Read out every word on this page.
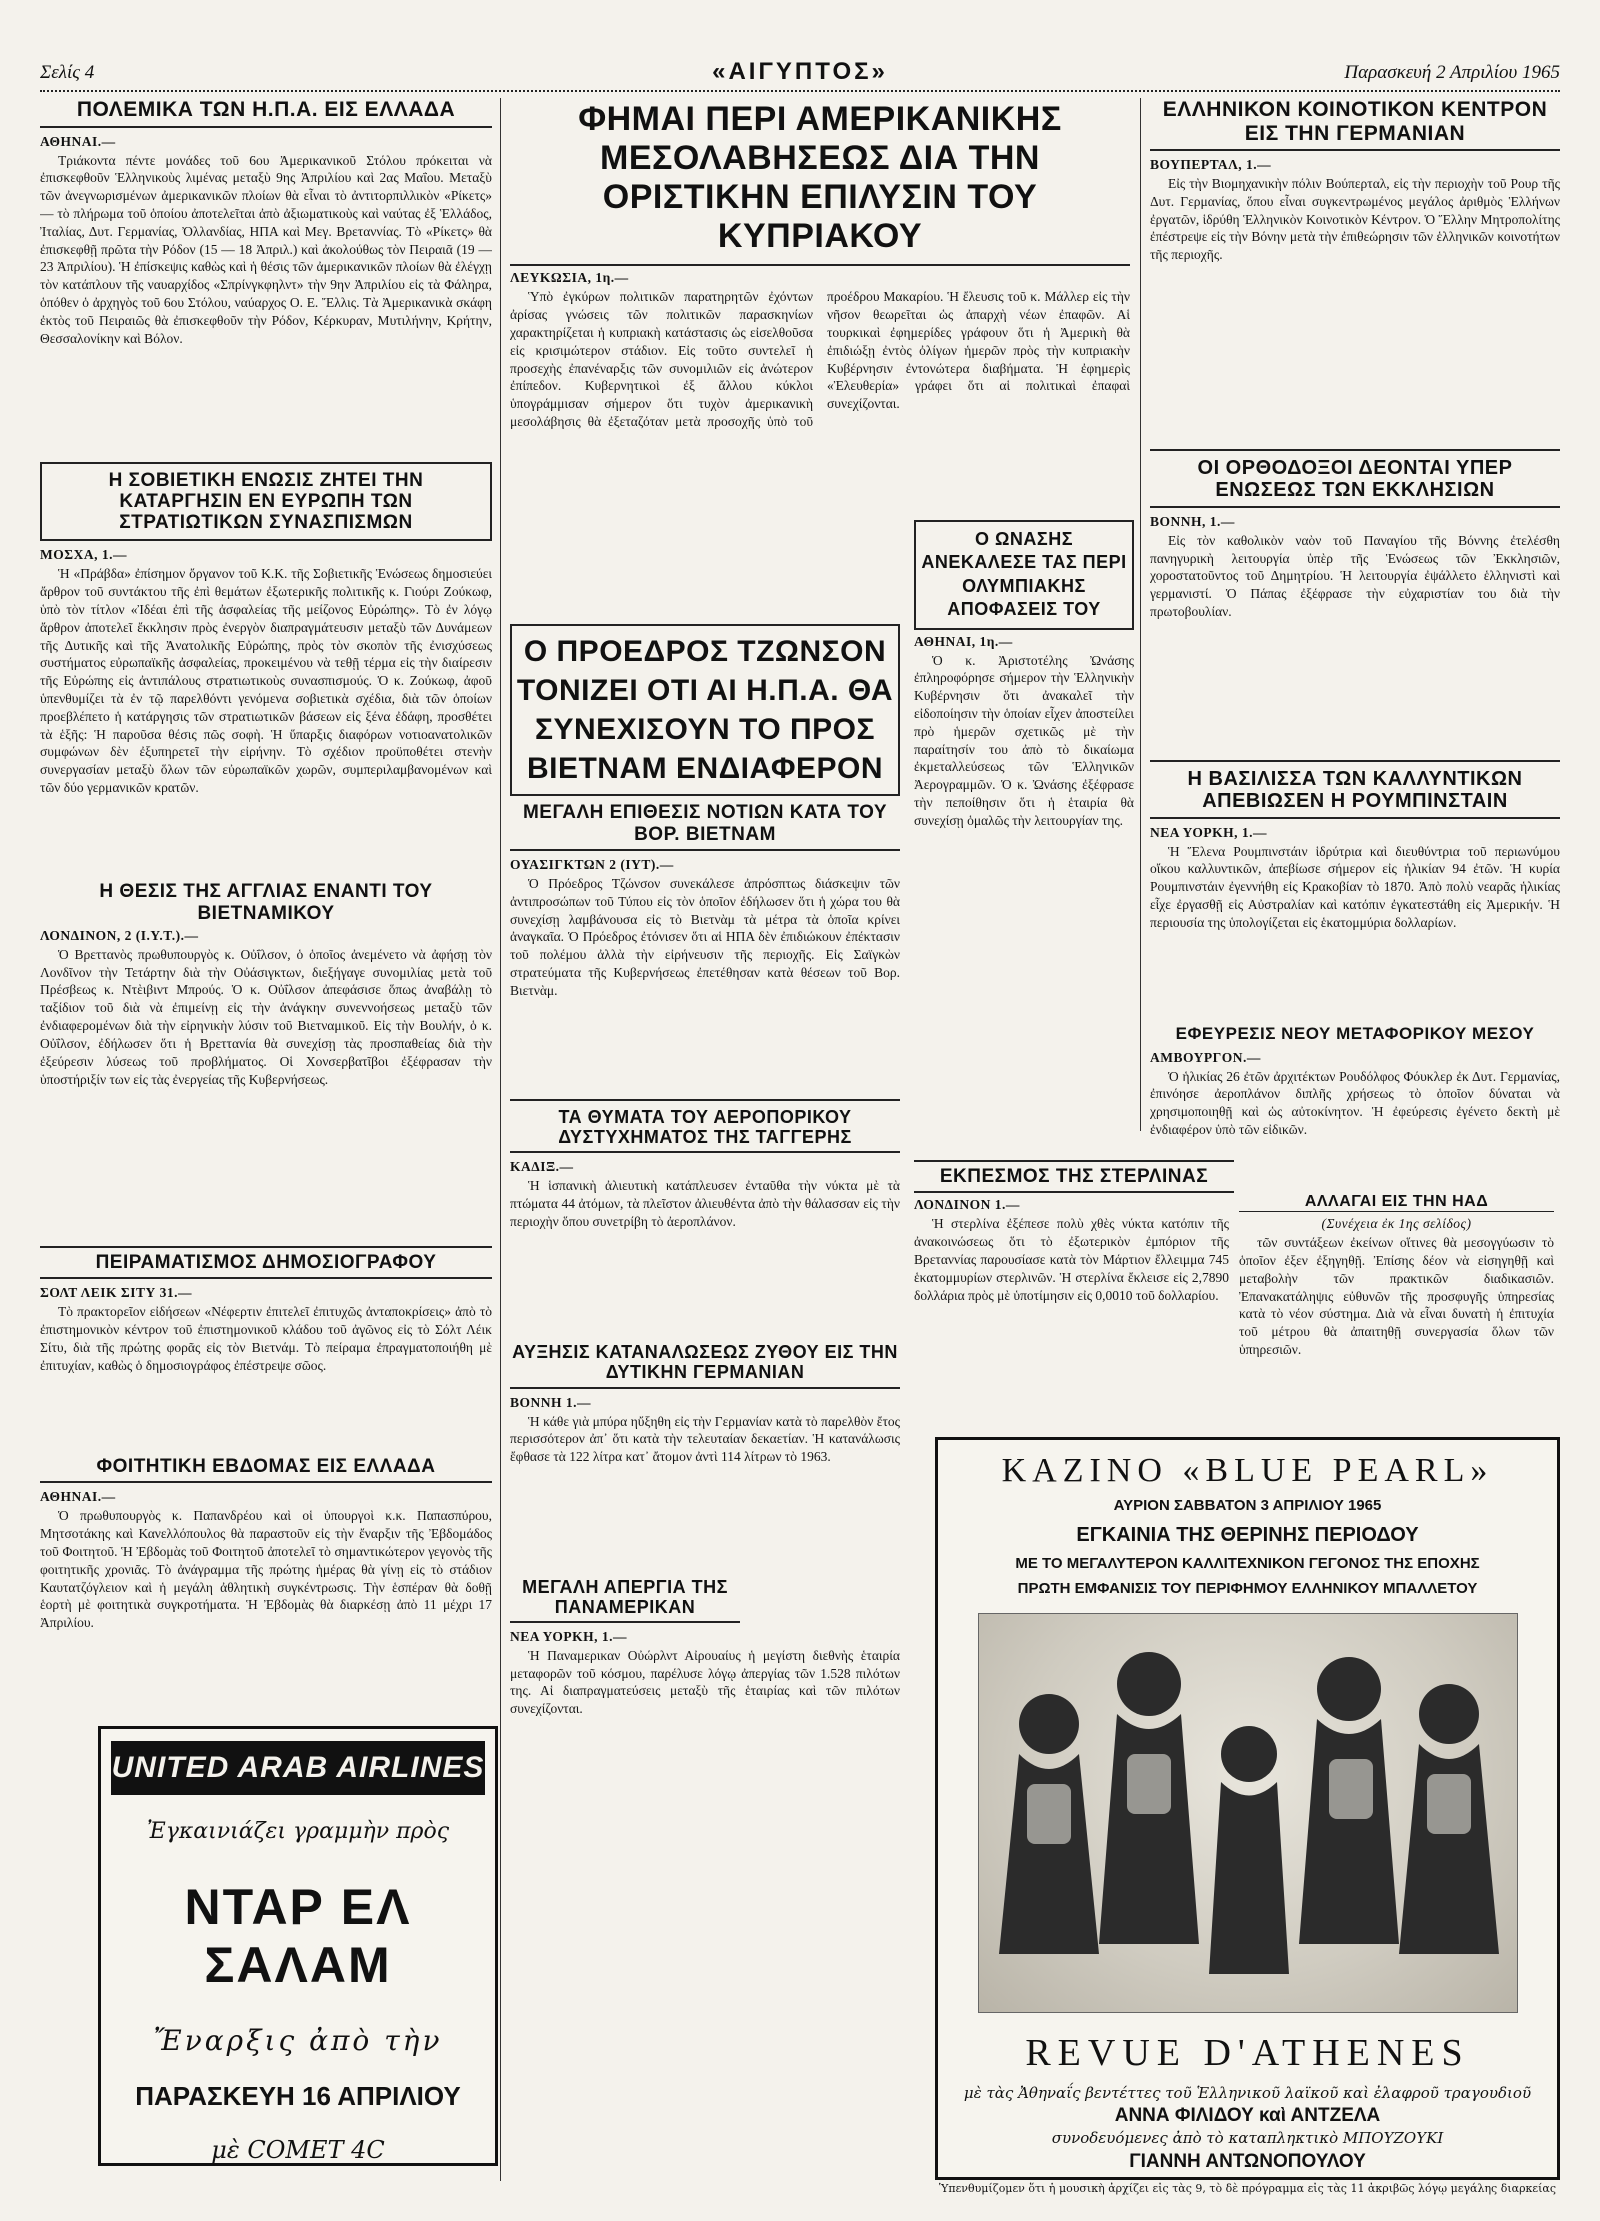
Σελίς 4	«ΑΙΓΥΠΤΟΣ»	Παρασκευή 2 Απριλίου 1965
ΠΟΛΕΜΙΚΑ ΤΩΝ Η.Π.Α. ΕΙΣ ΕΛΛΑΔΑ
ΑΘΗΝΑΙ.—
Τριάκοντα πέντε μονάδες τοῦ 6ου Ἀμερικανικοῦ Στόλου πρόκειται νὰ ἐπισκεφθοῦν Ἑλληνικοὺς λιμένας μεταξὺ 9ης Ἀπριλίου καὶ 2ας Μαΐου. Μεταξὺ τῶν ἀνεγνωρισμένων ἀμερικανικῶν πλοίων θὰ εἶναι τὸ ἀντιτορπιλλικὸν «Ρίκετς» — τὸ πλήρωμα τοῦ ὁποίου ἀποτελεῖται ἀπὸ ἀξιωματικοὺς καὶ ναύτας ἐξ Ἑλλάδος, Ἰταλίας, Δυτ. Γερμανίας, Ὀλλανδίας, ΗΠΑ καὶ Μεγ. Βρεταννίας. Τὸ «Ρίκετς» θὰ ἐπισκεφθῇ πρῶτα τὴν Ρόδον (15 — 18 Ἀπριλ.) καὶ ἀκολούθως τὸν Πειραιᾶ (19 — 23 Ἀπριλίου). Ἡ ἐπίσκεψις καθὼς καὶ ἡ θέσις τῶν ἀμερικανικῶν πλοίων θὰ ἐλέγχῃ τὸν κατάπλουν τῆς ναυαρχίδος «Σπρίνγκφηλντ» τὴν 9ην Ἀπριλίου εἰς τὰ Φάληρα, ὁπόθεν ὁ ἀρχηγὸς τοῦ 6ου Στόλου, ναύαρχος Ο. Ε. Ἔλλις. Τὰ Ἀμερικανικὰ σκάφη ἐκτὸς τοῦ Πειραιῶς θὰ ἐπισκεφθοῦν τὴν Ρόδον, Κέρκυραν, Μυτιλήνην, Κρήτην, Θεσσαλονίκην καὶ Βόλον.
Η ΣΟΒΙΕΤΙΚΗ ΕΝΩΣΙΣ ΖΗΤΕΙ ΤΗΝ ΚΑΤΑΡΓΗΣΙΝ ΕΝ ΕΥΡΩΠΗ ΤΩΝ ΣΤΡΑΤΙΩΤΙΚΩΝ ΣΥΝΑΣΠΙΣΜΩΝ
ΜΟΣΧΑ, 1.—
Ἡ «Πράβδα» ἐπίσημον ὄργανον τοῦ Κ.Κ. τῆς Σοβιετικῆς Ἑνώσεως δημοσιεύει ἄρθρον τοῦ συντάκτου τῆς ἐπὶ θεμάτων ἐξωτερικῆς πολιτικῆς κ. Γιούρι Ζούκωφ, ὑπὸ τὸν τίτλον «Ἰδέαι ἐπὶ τῆς ἀσφαλείας τῆς μείζονος Εὐρώπης». Τὸ ἐν λόγῳ ἄρθρον ἀποτελεῖ ἔκκλησιν πρὸς ἐνεργὸν διαπραγμάτευσιν μεταξὺ τῶν Δυνάμεων τῆς Δυτικῆς καὶ τῆς Ἀνατολικῆς Εὐρώπης, πρὸς τὸν σκοπὸν τῆς ἐνισχύσεως συστήματος εὐρωπαϊκῆς ἀσφαλείας, προκειμένου νὰ τεθῇ τέρμα εἰς τὴν διαίρεσιν τῆς Εὐρώπης εἰς ἀντιπάλους στρατιωτικοὺς συνασπισμούς. Ὁ κ. Ζούκωφ, ἀφοῦ ὑπενθυμίζει τὰ ἐν τῷ παρελθόντι γενόμενα σοβιετικὰ σχέδια, διὰ τῶν ὁποίων προεβλέπετο ἡ κατάργησις τῶν στρατιωτικῶν βάσεων εἰς ξένα ἐδάφη, προσθέτει τὰ ἑξῆς: Ἡ παροῦσα θέσις πῶς σοφὴ. Ἡ ὕπαρξις διαφόρων νοτιοανατολικῶν συμφώνων δὲν ἐξυπηρετεῖ τὴν εἰρήνην. Τὸ σχέδιον προϋποθέτει στενὴν συνεργασίαν μεταξὺ ὅλων τῶν εὐρωπαϊκῶν χωρῶν, συμπεριλαμβανομένων καὶ τῶν δύο γερμανικῶν κρατῶν.
Η ΘΕΣΙΣ ΤΗΣ ΑΓΓΛΙΑΣ ΕΝΑΝΤΙ ΤΟΥ ΒΙΕΤΝΑΜΙΚΟΥ
ΛΟΝΔΙΝΟΝ, 2 (Ι.Υ.Τ.).—
Ὁ Βρεττανὸς πρωθυπουργὸς κ. Οὐΐλσον, ὁ ὁποῖος ἀνεμένετο νὰ ἀφήσῃ τὸν Λονδῖνον τὴν Τετάρτην διὰ τὴν Οὐάσιγκτων, διεξήγαγε συνομιλίας μετὰ τοῦ Πρέσβεως κ. Ντὲιβιντ Μπρούς. Ὁ κ. Οὐΐλσον ἀπεφάσισε ὅπως ἀναβάλῃ τὸ ταξίδιον τοῦ διὰ νὰ ἐπιμείνῃ εἰς τὴν ἀνάγκην συνεννοήσεως μεταξὺ τῶν ἐνδιαφερομένων διὰ τὴν εἰρηνικὴν λύσιν τοῦ Βιετναμικοῦ. Εἰς τὴν Βουλήν, ὁ κ. Οὐΐλσον, ἐδήλωσεν ὅτι ἡ Βρεττανία θὰ συνεχίσῃ τὰς προσπαθείας διὰ τὴν ἐξεύρεσιν λύσεως τοῦ προβλήματος. Οἱ Χονσερβατῖβοι ἐξέφρασαν τὴν ὑποστήριξίν των εἰς τὰς ἐνεργείας τῆς Κυβερνήσεως.
ΠΕΙΡΑΜΑΤΙΣΜΟΣ ΔΗΜΟΣΙΟΓΡΑΦΟΥ
ΣΟΛΤ ΛΕΙΚ ΣΙΤΥ 31.—
Τὸ πρακτορεῖον εἰδήσεων «Νέφερτιν ἐπιτελεῖ ἐπιτυχῶς ἀνταποκρίσεις» ἀπὸ τὸ ἐπιστημονικὸν κέντρον τοῦ ἐπιστημονικοῦ κλάδου τοῦ ἀγῶνος εἰς τὸ Σόλτ Λέικ Σίτυ, διὰ τῆς πρώτης φορᾶς εἰς τὸν Βιετνάμ. Τὸ πείραμα ἐπραγματοποιήθη μὲ ἐπιτυχίαν, καθὼς ὁ δημοσιογράφος ἐπέστρεψε σῶος.
ΦΟΙΤΗΤΙΚΗ ΕΒΔΟΜΑΣ ΕΙΣ ΕΛΛΑΔΑ
ΑΘΗΝΑΙ.—
Ὁ πρωθυπουργὸς κ. Παπανδρέου καὶ οἱ ὑπουργοὶ κ.κ. Παπασπύρου, Μητσοτάκης καὶ Κανελλόπουλος θὰ παραστοῦν εἰς τὴν ἔναρξιν τῆς Ἐβδομάδος τοῦ Φοιτητοῦ. Ἡ Ἐβδομὰς τοῦ Φοιτητοῦ ἀποτελεῖ τὸ σημαντικώτερον γεγονὸς τῆς φοιτητικῆς χρονιᾶς. Τὸ ἀνάγραμμα τῆς πρώτης ἡμέρας θὰ γίνῃ εἰς τὸ στάδιον Καυτατζόγλειον καὶ ἡ μεγάλη ἀθλητικὴ συγκέντρωσις. Τὴν ἑσπέραν θὰ δοθῇ ἑορτὴ μὲ φοιτητικὰ συγκροτήματα. Ἡ Ἐβδομὰς θὰ διαρκέσῃ ἀπὸ 11 μέχρι 17 Ἀπριλίου.
ΦΗΜΑΙ ΠΕΡΙ ΑΜΕΡΙΚΑΝΙΚΗΣ ΜΕΣΟΛΑΒΗΣΕΩΣ ΔΙΑ ΤΗΝ ΟΡΙΣΤΙΚΗΝ ΕΠΙΛΥΣΙΝ ΤΟΥ ΚΥΠΡΙΑΚΟΥ
ΛΕΥΚΩΣΙΑ, 1η.—
Ὑπὸ ἐγκύρων πολιτικῶν παρατηρητῶν ἐχόντων ἀρίσας γνώσεις τῶν πολιτικῶν παρασκηνίων χαρακτηρίζεται ἡ κυπριακὴ κατάστασις ὡς εἰσελθοῦσα εἰς κρισιμώτερον στάδιον. Εἰς τοῦτο συντελεῖ ἡ προσεχὴς ἐπανέναρξις τῶν συνομιλιῶν εἰς ἀνώτερον ἐπίπεδον. Κυβερνητικοὶ ἐξ ἄλλου κύκλοι ὑπογράμμισαν σήμερον ὅτι τυχὸν ἀμερικανικὴ μεσολάβησις θὰ ἐξεταζόταν μετὰ προσοχῆς ὑπὸ τοῦ προέδρου Μακαρίου. Ἡ ἔλευσις τοῦ κ. Μάλλερ εἰς τὴν νῆσον θεωρεῖται ὡς ἀπαρχὴ νέων ἐπαφῶν. Αἱ τουρκικαὶ ἐφημερίδες γράφουν ὅτι ἡ Ἀμερικὴ θὰ ἐπιδιώξῃ ἐντὸς ὀλίγων ἡμερῶν πρὸς τὴν κυπριακὴν Κυβέρνησιν ἐντονώτερα διαβήματα. Ἡ ἐφημερὶς «Ἐλευθερία» γράφει ὅτι αἱ πολιτικαὶ ἐπαφαὶ συνεχίζονται.
Ο ΠΡΟΕΔΡΟΣ ΤΖΩΝΣΟΝ ΤΟΝΙΖΕΙ ΟΤΙ ΑΙ Η.Π.Α. ΘΑ ΣΥΝΕΧΙΣΟΥΝ ΤΟ ΠΡΟΣ ΒΙΕΤΝΑΜ ΕΝΔΙΑΦΕΡΟΝ
ΜΕΓΑΛΗ ΕΠΙΘΕΣΙΣ ΝΟΤΙΩΝ ΚΑΤΑ ΤΟΥ ΒΟΡ. ΒΙΕΤΝΑΜ
ΟΥΑΣΙΓΚΤΩΝ 2 (ΙΥΤ).—
Ὁ Πρόεδρος Τζώνσον συνεκάλεσε ἀπρόσπτως διάσκεψιν τῶν ἀντιπροσώπων τοῦ Τύπου εἰς τὸν ὁποῖον ἐδήλωσεν ὅτι ἡ χώρα του θὰ συνεχίσῃ λαμβάνουσα εἰς τὸ Βιετνὰμ τὰ μέτρα τὰ ὁποῖα κρίνει ἀναγκαῖα. Ὁ Πρόεδρος ἐτόνισεν ὅτι αἱ ΗΠΑ δὲν ἐπιδιώκουν ἐπέκτασιν τοῦ πολέμου ἀλλὰ τὴν εἰρήνευσιν τῆς περιοχῆς. Εἰς Σαϊγκὼν στρατεύματα τῆς Κυβερνήσεως ἐπετέθησαν κατὰ θέσεων τοῦ Βορ. Βιετνὰμ.
ΤΑ ΘΥΜΑΤΑ ΤΟΥ ΑΕΡΟΠΟΡΙΚΟΥ ΔΥΣΤΥΧΗΜΑΤΟΣ ΤΗΣ ΤΑΓΓΕΡΗΣ
ΚΑΔΙΞ.—
Ἡ ἱσπανικὴ ἀλιευτικὴ κατάπλευσεν ἐνταῦθα τὴν νύκτα μὲ τὰ πτώματα 44 ἀτόμων, τὰ πλεῖστον ἀλιευθέντα ἀπὸ τὴν θάλασσαν εἰς τὴν περιοχὴν ὅπου συνετρίβη τὸ ἀεροπλάνον.
ΑΥΞΗΣΙΣ ΚΑΤΑΝΑΛΩΣΕΩΣ ΖΥΘΟΥ ΕΙΣ ΤΗΝ ΔΥΤΙΚΗΝ ΓΕΡΜΑΝΙΑΝ
ΒΟΝΝΗ 1.—
Ἡ κάθε γιὰ μπύρα ηὔξηθη εἰς τὴν Γερμανίαν κατὰ τὸ παρελθὸν ἔτος περισσότερον ἀπ᾽ ὅτι κατὰ τὴν τελευταίαν δεκαετίαν. Ἡ κατανάλωσις ἔφθασε τὰ 122 λίτρα κατ᾽ ἄτομον ἀντὶ 114 λίτρων τὸ 1963.
ΜΕΓΑΛΗ ΑΠΕΡΓΙΑ ΤΗΣ ΠΑΝΑΜΕΡΙΚΑΝ
ΝΕΑ ΥΟΡΚΗ, 1.—
Ἡ Παναμερικαν Οὐώρλντ Αἰρουαίυς ἡ μεγίστη διεθνὴς ἑταιρία μεταφορῶν τοῦ κόσμου, παρέλυσε λόγῳ ἀπεργίας τῶν 1.528 πιλότων της. Αἱ διαπραγματεύσεις μεταξὺ τῆς ἑταιρίας καὶ τῶν πιλότων συνεχίζονται.
Ο ΩΝΑΣΗΣ ΑΝΕΚΑΛΕΣΕ ΤΑΣ ΠΕΡΙ ΟΛΥΜΠΙΑΚΗΣ ΑΠΟΦΑΣΕΙΣ ΤΟΥ
ΑΘΗΝΑΙ, 1η.—
Ὁ κ. Ἀριστοτέλης Ὠνάσης ἐπληροφόρησε σήμερον τὴν Ἑλληνικὴν Κυβέρνησιν ὅτι ἀνακαλεῖ τὴν εἰδοποίησιν τὴν ὁποίαν εἶχεν ἀποστείλει πρὸ ἡμερῶν σχετικῶς μὲ τὴν παραίτησίν του ἀπὸ τὸ δικαίωμα ἐκμεταλλεύσεως τῶν Ἑλληνικῶν Ἀερογραμμῶν. Ὁ κ. Ὠνάσης ἐξέφρασε τὴν πεποίθησιν ὅτι ἡ ἑταιρία θὰ συνεχίσῃ ὁμαλῶς τὴν λειτουργίαν της.
ΕΛΛΗΝΙΚΟΝ ΚΟΙΝΟΤΙΚΟΝ ΚΕΝΤΡΟΝ ΕΙΣ ΤΗΝ ΓΕΡΜΑΝΙΑΝ
ΒΟΥΠΕΡΤΑΛ, 1.—
Εἰς τὴν Βιομηχανικὴν πόλιν Βούπερταλ, εἰς τὴν περιοχὴν τοῦ Ρουρ τῆς Δυτ. Γερμανίας, ὅπου εἶναι συγκεντρωμένος μεγάλος ἀριθμὸς Ἑλλήνων ἐργατῶν, ἱδρύθη Ἑλληνικὸν Κοινοτικὸν Κέντρον. Ὁ Ἕλλην Μητροπολίτης ἐπέστρεψε εἰς τὴν Βόνην μετὰ τὴν ἐπιθεώρησιν τῶν ἑλληνικῶν κοινοτήτων τῆς περιοχῆς.
ΟΙ ΟΡΘΟΔΟΞΟΙ ΔΕΟΝΤΑΙ ΥΠΕΡ ΕΝΩΣΕΩΣ ΤΩΝ ΕΚΚΛΗΣΙΩΝ
ΒΟΝΝΗ, 1.—
Εἰς τὸν καθολικὸν ναὸν τοῦ Παναγίου τῆς Βόννης ἐτελέσθη πανηγυρικὴ λειτουργία ὑπὲρ τῆς Ἑνώσεως τῶν Ἐκκλησιῶν, χοροστατοῦντος τοῦ Δημητρίου. Ἡ λειτουργία ἐψάλλετο ἑλληνιστὶ καὶ γερμανιστί. Ὁ Πάπας ἐξέφρασε τὴν εὐχαριστίαν του διὰ τὴν πρωτοβουλίαν.
Η ΒΑΣΙΛΙΣΣΑ ΤΩΝ ΚΑΛΛΥΝΤΙΚΩΝ ΑΠΕΒΙΩΣΕΝ Η ΡΟΥΜΠΙΝΣΤΑΙΝ
ΝΕΑ ΥΟΡΚΗ, 1.—
Ἡ Ἕλενα Ρουμπινστάιν ἱδρύτρια καὶ διευθύντρια τοῦ περιωνύμου οἴκου καλλυντικῶν, ἀπεβίωσε σήμερον εἰς ἡλικίαν 94 ἐτῶν. Ἡ κυρία Ρουμπινστάιν ἐγεννήθη εἰς Κρακοβίαν τὸ 1870. Ἀπὸ πολὺ νεαρᾶς ἡλικίας εἶχε ἐργασθῇ εἰς Αὐστραλίαν καὶ κατόπιν ἐγκατεστάθη εἰς Ἀμερικήν. Ἡ περιουσία της ὑπολογίζεται εἰς ἑκατομμύρια δολλαρίων.
ΕΦΕΥΡΕΣΙΣ ΝΕΟΥ ΜΕΤΑΦΟΡΙΚΟΥ ΜΕΣΟΥ
ΑΜΒΟΥΡΓΟΝ.—
Ὁ ἡλικίας 26 ἐτῶν ἀρχιτέκτων Ρουδόλφος Φόυκλερ ἐκ Δυτ. Γερμανίας, ἐπινόησε ἀεροπλάνον διπλῆς χρήσεως τὸ ὁποῖον δύναται νὰ χρησιμοποιηθῇ καὶ ὡς αὐτοκίνητον. Ἡ ἐφεύρεσις ἐγένετο δεκτὴ μὲ ἐνδιαφέρον ὑπὸ τῶν εἰδικῶν.
ΕΚΠΕΣΜΟΣ ΤΗΣ ΣΤΕΡΛΙΝΑΣ
ΛΟΝΔΙΝΟΝ 1.—
Ἡ στερλίνα ἐξέπεσε πολὺ χθὲς νύκτα κατόπιν τῆς ἀνακοινώσεως ὅτι τὸ ἐξωτερικὸν ἐμπόριον τῆς Βρεταννίας παρουσίασε κατὰ τὸν Μάρτιον ἔλλειμμα 745 ἑκατομμυρίων στερλινῶν. Ἡ στερλίνα ἔκλεισε εἰς 2,7890 δολλάρια πρὸς μὲ ὑποτίμησιν εἰς 0,0010 τοῦ δολλαρίου.
ΑΛΛΑΓΑΙ ΕΙΣ ΤΗΝ ΗΑΔ
(Συνέχεια ἐκ 1ης σελίδος)
τῶν συντάξεων ἐκείνων οἵτινες θὰ μεσογγύωσιν τὸ ὁποῖον ἐξεν ἐξηγηθῇ. Ἐπίσης δέον νὰ εἰσηγηθῇ καὶ μεταβολὴν τῶν πρακτικῶν διαδικασιῶν. Ἐπανακατάληψις εὐθυνῶν τῆς προσφυγῆς ὑπηρεσίας κατὰ τὸ νέον σύστημα. Διὰ νὰ εἶναι δυνατὴ ἡ ἐπιτυχία τοῦ μέτρου θὰ ἀπαιτηθῇ συνεργασία ὅλων τῶν ὑπηρεσιῶν.
UNITED ARAB AIRLINES
Ἐγκαινιάζει γραμμὴν πρὸς
ΝΤΑΡ ΕΛ ΣΑΛΑΜ
Ἔναρξις ἀπὸ τὴν
ΠΑΡΑΣΚΕΥΗ 16 ΑΠΡΙΛΙΟΥ
μὲ COMET 4C
ΚΑΖΙΝΟ «BLUE PEARL»
ΑΥΡΙΟΝ ΣΑΒΒΑΤΟΝ 3 ΑΠΡΙΛΙΟΥ 1965
ΕΓΚΑΙΝΙΑ ΤΗΣ ΘΕΡΙΝΗΣ ΠΕΡΙΟΔΟΥ
ΜΕ ΤΟ ΜΕΓΑΛΥΤΕΡΟΝ ΚΑΛΛΙΤΕΧΝΙΚΟΝ ΓΕΓΟΝΟΣ ΤΗΣ ΕΠΟΧΗΣ
ΠΡΩΤΗ ΕΜΦΑΝΙΣΙΣ ΤΟΥ ΠΕΡΙΦΗΜΟΥ ΕΛΛΗΝΙΚΟΥ ΜΠΑΛΛΕΤΟΥ
REVUE D'ATHENES
μὲ τὰς Ἀθηναΐς βεντέττες τοῦ Ἑλληνικοῦ λαϊκοῦ καὶ ἐλαφροῦ τραγουδιοῦ
ΑΝΝΑ ΦΙΛΙΔΟΥ καὶ ΑΝΤΖΕΛΑ
συνοδευόμενες ἀπὸ τὸ καταπληκτικὸ ΜΠΟΥΖΟΥΚΙ
ΓΙΑΝΝΗ ΑΝΤΩΝΟΠΟΥΛΟΥ
Ὑπενθυμίζομεν ὅτι ἡ μουσικὴ ἀρχίζει εἰς τὰς 9, τὸ δὲ πρόγραμμα εἰς τὰς 11 ἀκριβῶς λόγῳ μεγάλης διαρκείας
